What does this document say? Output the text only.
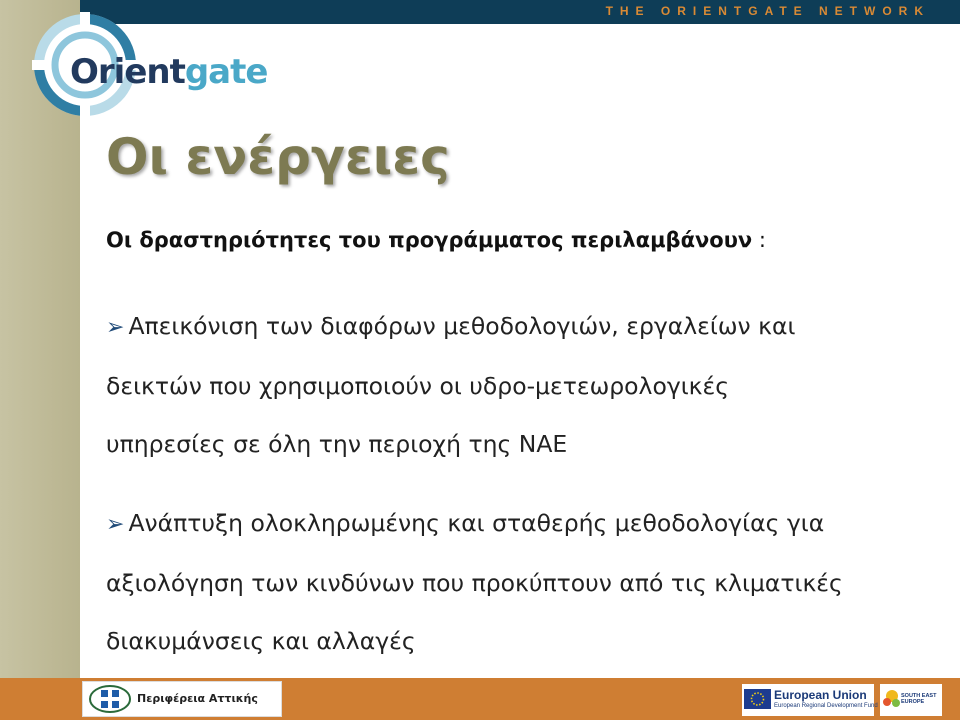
THE ORIENTGATE NETWORK
Orientgate
Οι ενέργειες

Οι δραστηριότητες του προγράμματος περιλαμβάνουν :

➢ Απεικόνιση των διαφόρων μεθοδολογιών, εργαλείων και
δεικτών που χρησιμοποιούν οι υδρο-μετεωρολογικές
υπηρεσίες σε όλη την περιοχή της ΝΑΕ
➢ Ανάπτυξη ολοκληρωμένης και σταθερής μεθοδολογίας για
αξιολόγηση των κινδύνων που προκύπτουν από τις κλιματικές
διακυμάνσεις και αλλαγές
Περιφέρεια Αττικής	European Union
European Regional Development Fund
SOUTH EAST
EUROPE
